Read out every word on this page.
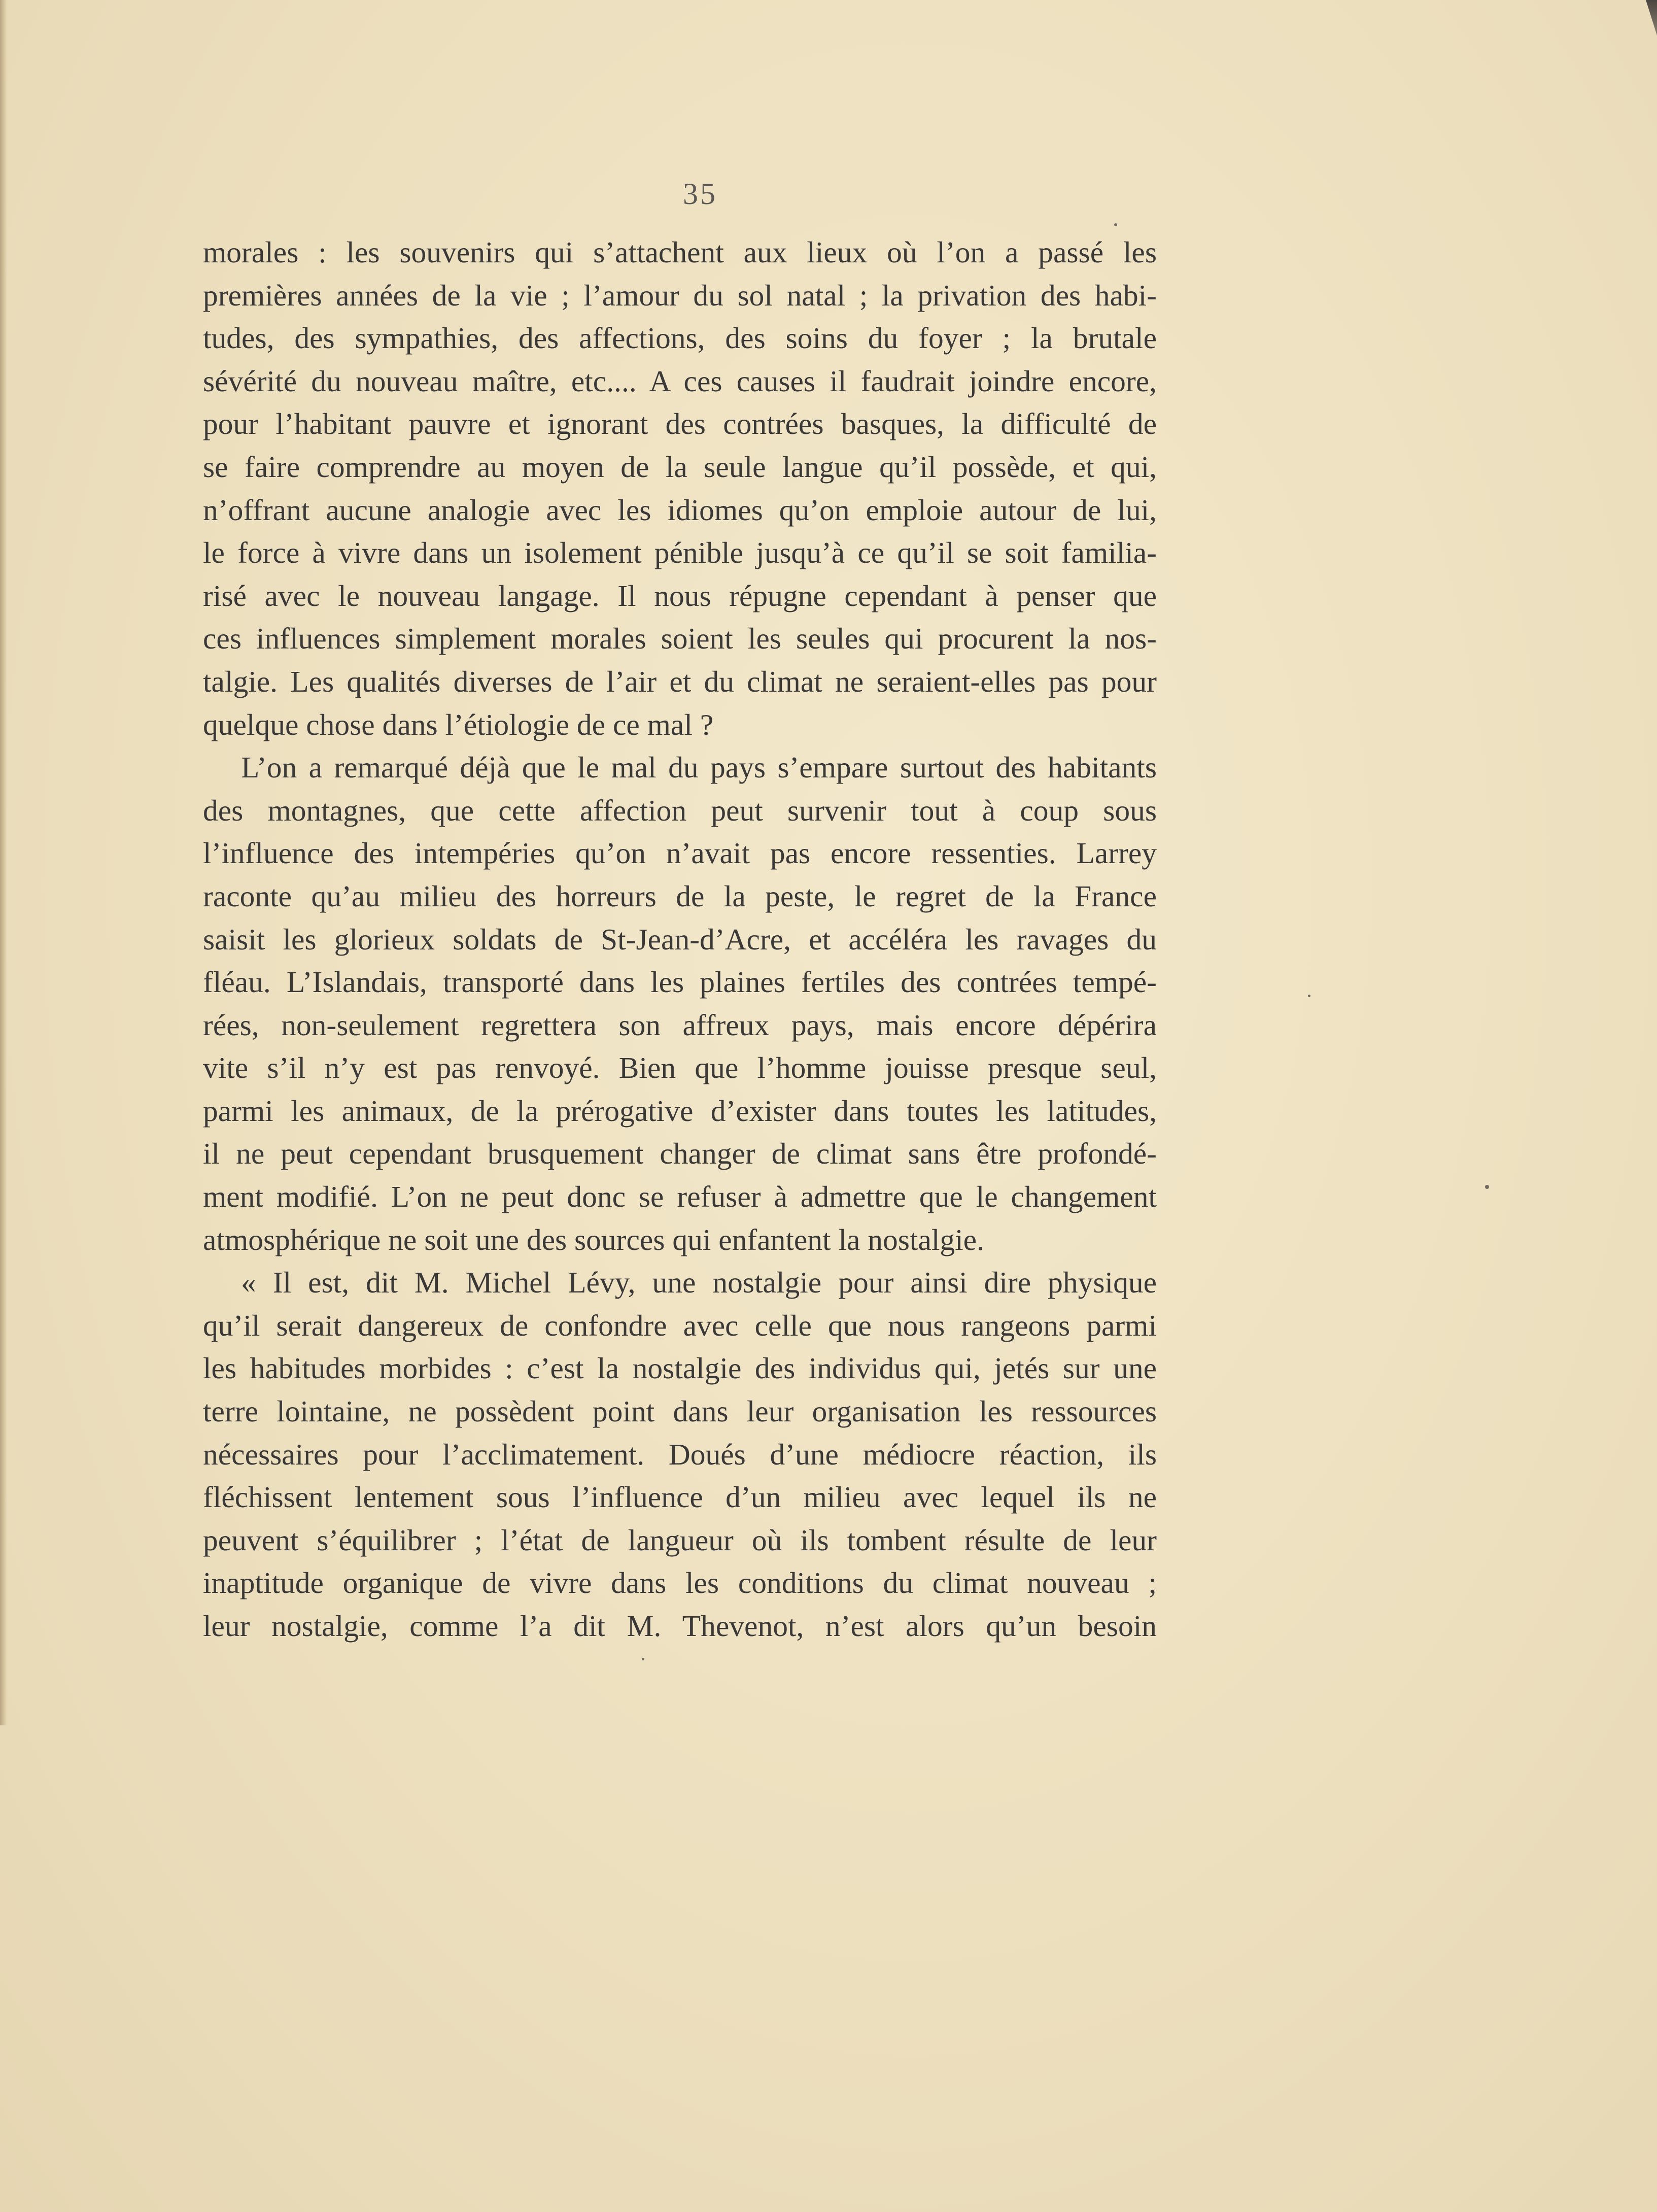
35
morales : les souvenirs qui s’attachent aux lieux où l’on a passé les
premières années de la vie ; l’amour du sol natal ; la privation des habi-
tudes, des sympathies, des affections, des soins du foyer ; la brutale
sévérité du nouveau maître, etc.... A ces causes il faudrait joindre encore,
pour l’habitant pauvre et ignorant des contrées basques, la difficulté de
se faire comprendre au moyen de la seule langue qu’il possède, et qui,
n’offrant aucune analogie avec les idiomes qu’on emploie autour de lui,
le force à vivre dans un isolement pénible jusqu’à ce qu’il se soit familia-
risé avec le nouveau langage. Il nous répugne cependant à penser que
ces influences simplement morales soient les seules qui procurent la nos-
talgie. Les qualités diverses de l’air et du climat ne seraient-elles pas pour
quelque chose dans l’étiologie de ce mal ?
L’on a remarqué déjà que le mal du pays s’empare surtout des habitants
des montagnes, que cette affection peut survenir tout à coup sous
l’influence des intempéries qu’on n’avait pas encore ressenties. Larrey
raconte qu’au milieu des horreurs de la peste, le regret de la France
saisit les glorieux soldats de St-Jean-d’Acre, et accéléra les ravages du
fléau. L’Islandais, transporté dans les plaines fertiles des contrées tempé-
rées, non-seulement regrettera son affreux pays, mais encore dépérira
vite s’il n’y est pas renvoyé. Bien que l’homme jouisse presque seul,
parmi les animaux, de la prérogative d’exister dans toutes les latitudes,
il ne peut cependant brusquement changer de climat sans être profondé-
ment modifié. L’on ne peut donc se refuser à admettre que le changement
atmosphérique ne soit une des sources qui enfantent la nostalgie.
« Il est, dit M. Michel Lévy, une nostalgie pour ainsi dire physique
qu’il serait dangereux de confondre avec celle que nous rangeons parmi
les habitudes morbides : c’est la nostalgie des individus qui, jetés sur une
terre lointaine, ne possèdent point dans leur organisation les ressources
nécessaires pour l’acclimatement. Doués d’une médiocre réaction, ils
fléchissent lentement sous l’influence d’un milieu avec lequel ils ne
peuvent s’équilibrer ; l’état de langueur où ils tombent résulte de leur
inaptitude organique de vivre dans les conditions du climat nouveau ;
leur nostalgie, comme l’a dit M. Thevenot, n’est alors qu’un besoin
